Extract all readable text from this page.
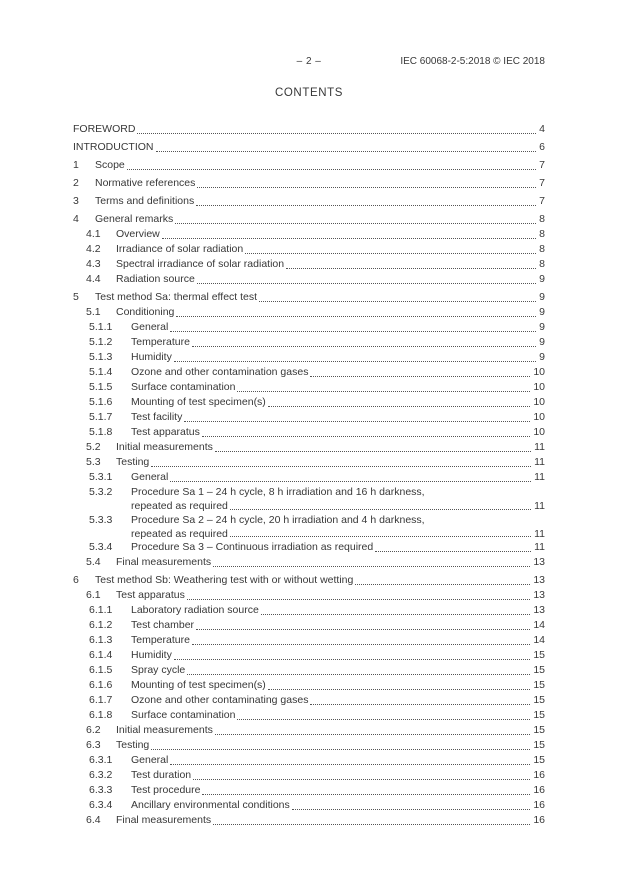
– 2 –	IEC 60068-2-5:2018 © IEC 2018
CONTENTS
FOREWORD	4
INTRODUCTION	6
1	Scope	7
2	Normative references	7
3	Terms and definitions	7
4	General remarks	8
4.1	Overview	8
4.2	Irradiance of solar radiation	8
4.3	Spectral irradiance of solar radiation	8
4.4	Radiation source	9
5	Test method Sa: thermal effect test	9
5.1	Conditioning	9
5.1.1	General	9
5.1.2	Temperature	9
5.1.3	Humidity	9
5.1.4	Ozone and other contamination gases	10
5.1.5	Surface contamination	10
5.1.6	Mounting of test specimen(s)	10
5.1.7	Test facility	10
5.1.8	Test apparatus	10
5.2	Initial measurements	11
5.3	Testing	11
5.3.1	General	11
5.3.2	Procedure Sa 1 – 24 h cycle, 8 h irradiation and 16 h darkness,
repeated as required	11
5.3.3	Procedure Sa 2 – 24 h cycle, 20 h irradiation and 4 h darkness,
repeated as required	11
5.3.4	Procedure Sa 3 – Continuous irradiation as required	11
5.4	Final measurements	13
6	Test method Sb: Weathering test with or without wetting	13
6.1	Test apparatus	13
6.1.1	Laboratory radiation source	13
6.1.2	Test chamber	14
6.1.3	Temperature	14
6.1.4	Humidity	15
6.1.5	Spray cycle	15
6.1.6	Mounting of test specimen(s)	15
6.1.7	Ozone and other contaminating gases	15
6.1.8	Surface contamination	15
6.2	Initial measurements	15
6.3	Testing	15
6.3.1	General	15
6.3.2	Test duration	16
6.3.3	Test procedure	16
6.3.4	Ancillary environmental conditions	16
6.4	Final measurements	16
